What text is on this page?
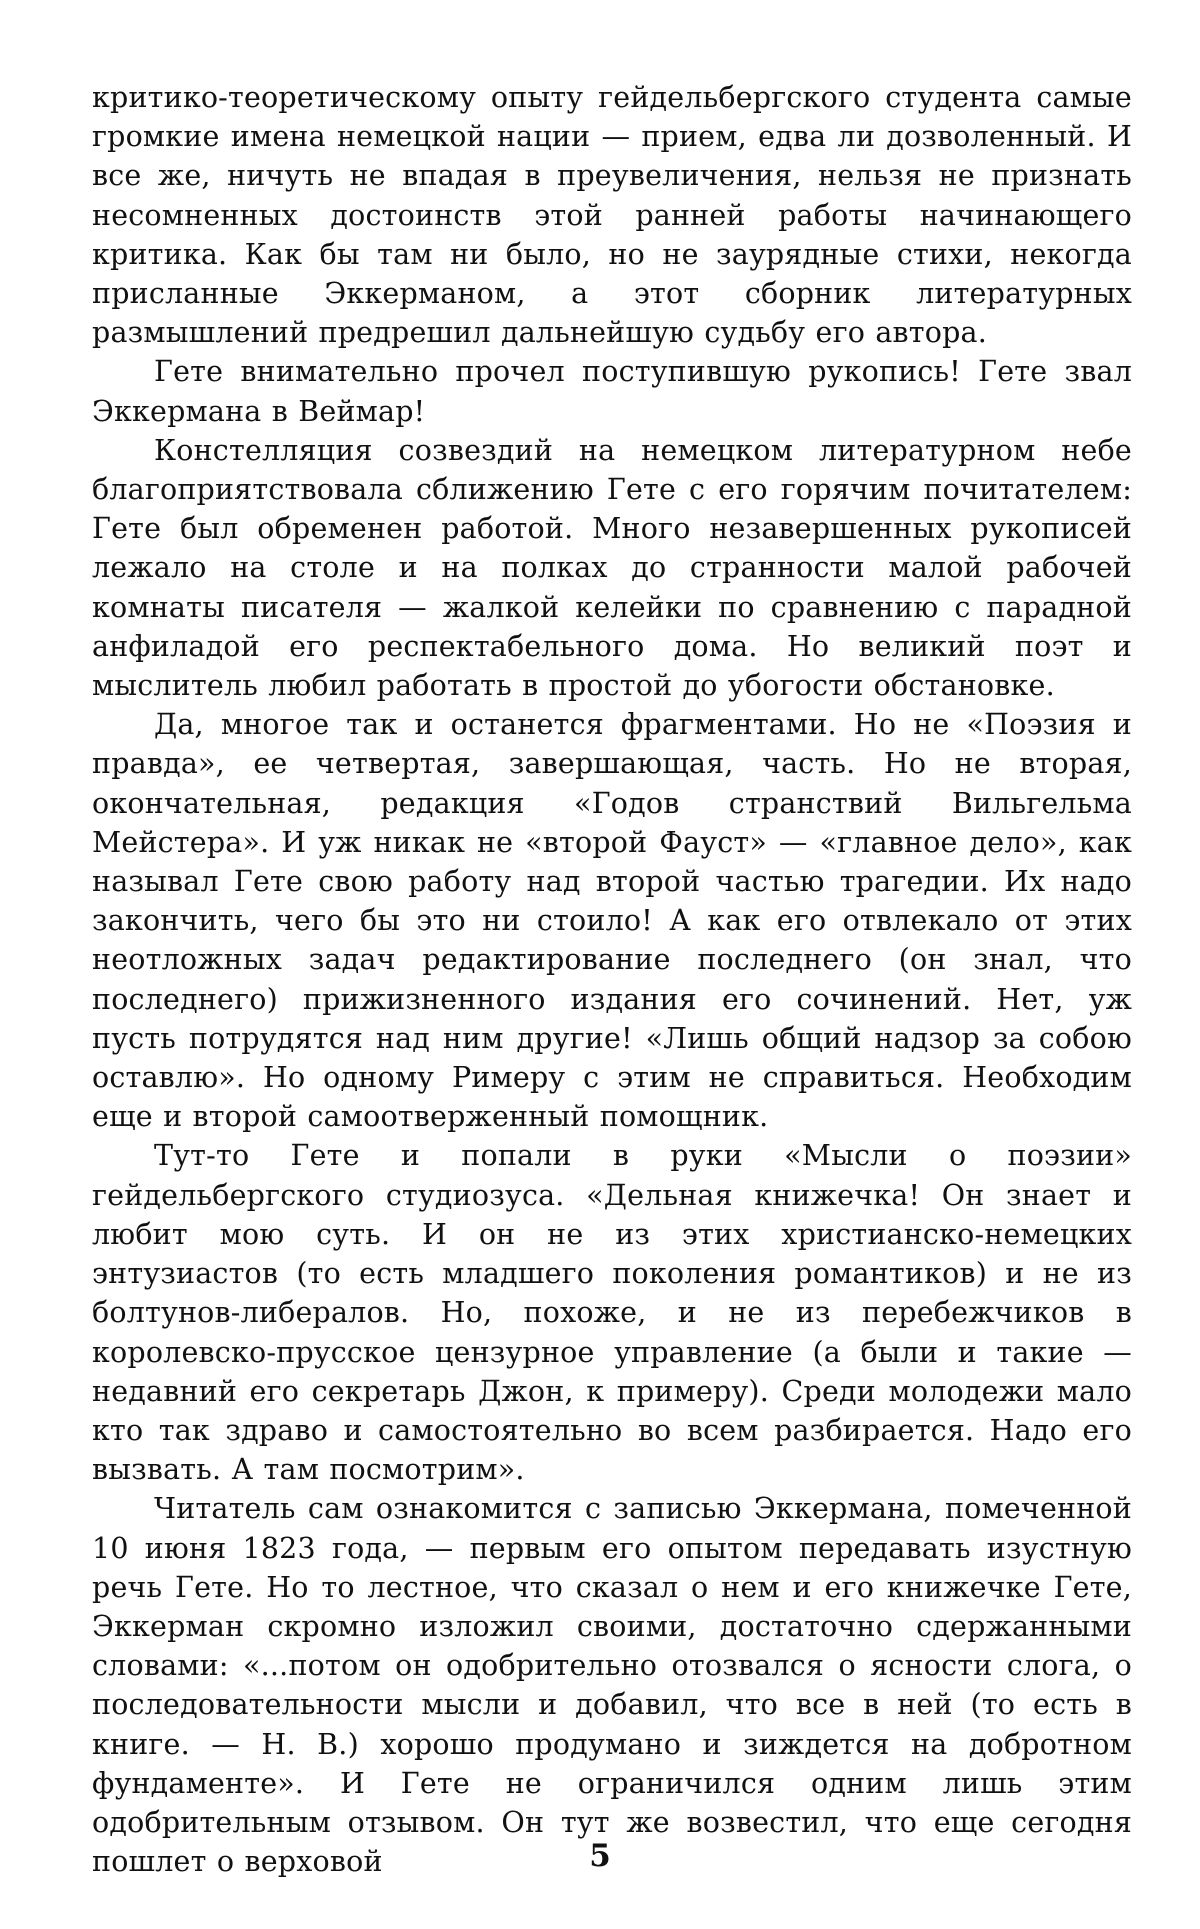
критико-теоретическому опыту гейдельбергского студента самые громкие имена немецкой нации — прием, едва ли дозволенный. И все же, ничуть не впадая в преувеличения, нельзя не признать несомненных достоинств этой ранней работы начинающего критика. Как бы там ни было, но не заурядные стихи, некогда присланные Эккерманом, а этот сборник литературных размышлений предрешил дальнейшую судьбу его автора.

Гете внимательно прочел поступившую рукопись! Гете звал Эккермана в Веймар!

Констелляция созвездий на немецком литературном небе благоприятствовала сближению Гете с его горячим почитателем: Гете был обременен работой. Много незавершенных рукописей лежало на столе и на полках до странности малой рабочей комнаты писателя — жалкой келейки по сравнению с парадной анфиладой его респектабельного дома. Но великий поэт и мыслитель любил работать в простой до убогости обстановке.

Да, многое так и останется фрагментами. Но не «Поэзия и правда», ее четвертая, завершающая, часть. Но не вторая, окончательная, редакция «Годов странствий Вильгельма Мейстера». И уж никак не «второй Фауст» — «главное дело», как называл Гете свою работу над второй частью трагедии. Их надо закончить, чего бы это ни стоило! А как его отвлекало от этих неотложных задач редактирование последнего (он знал, что последнего) прижизненного издания его сочинений. Нет, уж пусть потрудятся над ним другие! «Лишь общий надзор за собою оставлю». Но одному Римеру с этим не справиться. Необходим еще и второй самоотверженный помощник.

Тут-то Гете и попали в руки «Мысли о поэзии» гейдельбергского студиозуса. «Дельная книжечка! Он знает и любит мою суть. И он не из этих христианско-немецких энтузиастов (то есть младшего поколения романтиков) и не из болтунов-либералов. Но, похоже, и не из перебежчиков в королевско-прусское цензурное управление (а были и такие — недавний его секретарь Джон, к примеру). Среди молодежи мало кто так здраво и самостоятельно во всем разбирается. Надо его вызвать. А там посмотрим».

Читатель сам ознакомится с записью Эккермана, помеченной 10 июня 1823 года, — первым его опытом передавать изустную речь Гете. Но то лестное, что сказал о нем и его книжечке Гете, Эккерман скромно изложил своими, достаточно сдержанными словами: «...потом он одобрительно отозвался о ясности слога, о последовательности мысли и добавил, что все в ней (то есть в книге. — Н. В.) хорошо продумано и зиждется на добротном фундаменте». И Гете не ограничился одним лишь этим одобрительным отзывом. Он тут же возвестил, что еще сегодня пошлет о верховой	5
